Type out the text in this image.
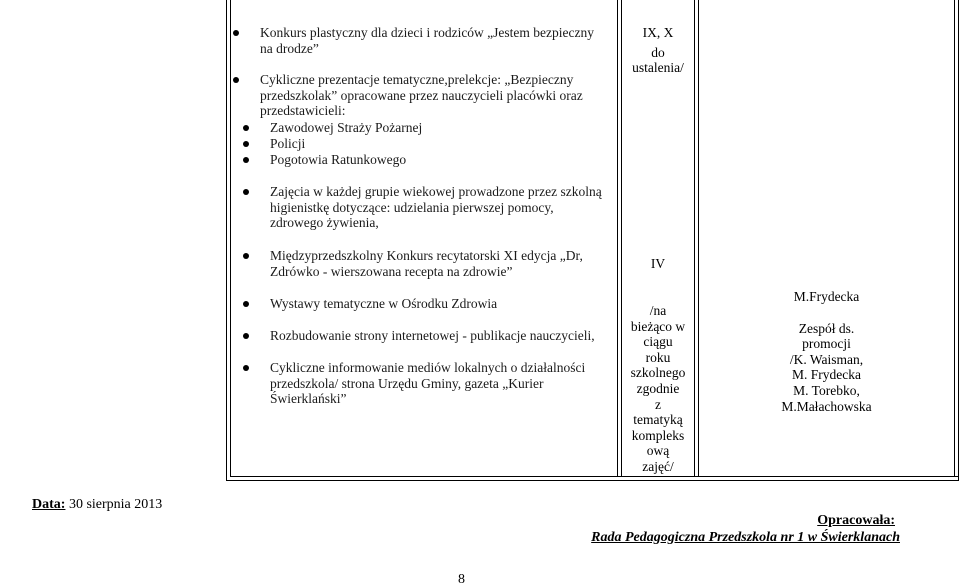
Konkurs plastyczny dla dzieci i rodziców „Jestem bezpieczny na drodze”
Cykliczne prezentacje tematyczne,prelekcje: „Bezpieczny przedszkolak” opracowane przez nauczycieli placówki oraz przedstawicieli:
Zawodowej Straży Pożarnej
Policji
Pogotowia Ratunkowego
Zajęcia w każdej grupie wiekowej prowadzone przez szkolną higienistkę dotyczące: udzielania pierwszej pomocy, zdrowego żywienia,
Międzyprzedszkolny Konkurs recytatorski XI edycja „Dr, Zdrówko - wierszowana recepta na zdrowie”
Wystawy tematyczne w Ośrodku Zdrowia
Rozbudowanie strony internetowej - publikacje nauczycieli,
Cykliczne informowanie mediów lokalnych o działalności przedszkola/ strona Urzędu Gminy, gazeta „Kurier Świerklański”
IX, X
do
ustalenia/
IV
/na
bieżąco w
ciągu
roku
szkolnego
zgodnie
z
tematyką
kompleks
ową
zajęć/
M.Frydecka
Zespół ds.
promocji
/K. Waisman,
M. Frydecka
M. Torebko,
M.Małachowska
Data: 30 sierpnia 2013
Opracowała:
Rada Pedagogiczna Przedszkola nr 1 w Świerklanach
8
